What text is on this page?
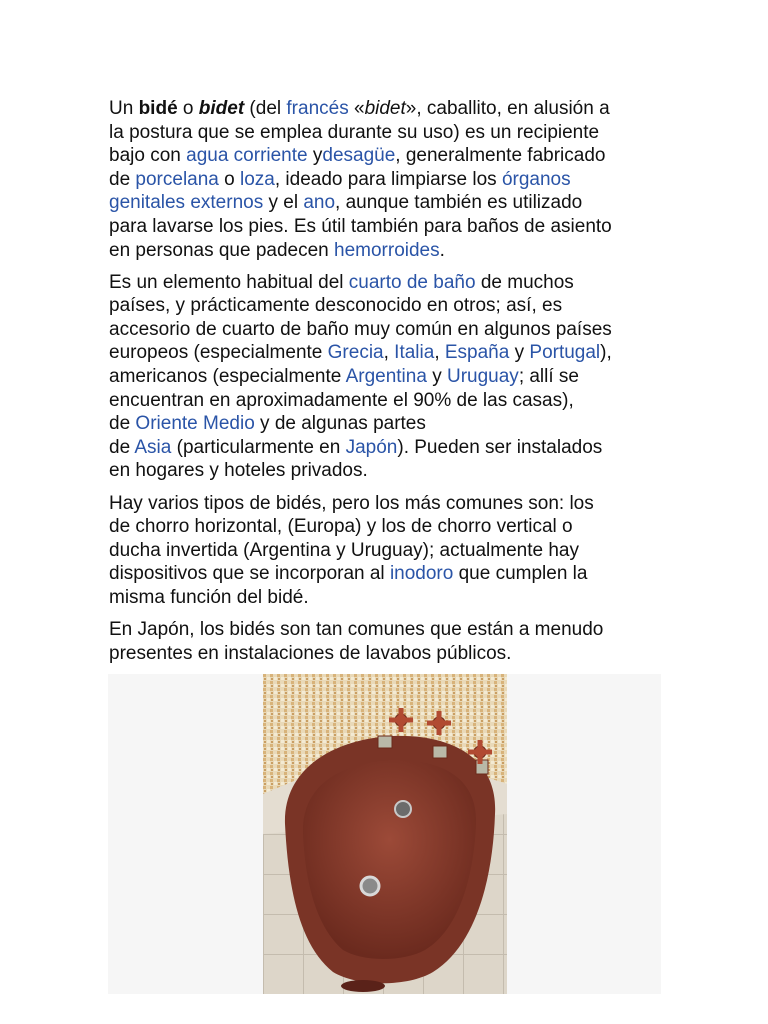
Un bidé o bidet (del francés «bidet», caballito, en alusión a
la postura que se emplea durante su uso) es un recipiente
bajo con agua corriente ydesagüe, generalmente fabricado
de porcelana o loza, ideado para limpiarse los órganos
genitales externos y el ano, aunque también es utilizado
para lavarse los pies. Es útil también para baños de asiento
en personas que padecen hemorroides.

Es un elemento habitual del cuarto de baño de muchos
países, y prácticamente desconocido en otros; así, es
accesorio de cuarto de baño muy común en algunos países
europeos (especialmente Grecia, Italia, España y Portugal),
americanos (especialmente Argentina y Uruguay; allí se
encuentran en aproximadamente el 90% de las casas),
de Oriente Medio y de algunas partes
de Asia (particularmente en Japón). Pueden ser instalados
en hogares y hoteles privados.

Hay varios tipos de bidés, pero los más comunes son: los
de chorro horizontal, (Europa) y los de chorro vertical o
ducha invertida (Argentina y Uruguay); actualmente hay
dispositivos que se incorporan al inodoro que cumplen la
misma función del bidé.

En Japón, los bidés son tan comunes que están a menudo
presentes en instalaciones de lavabos públicos.
